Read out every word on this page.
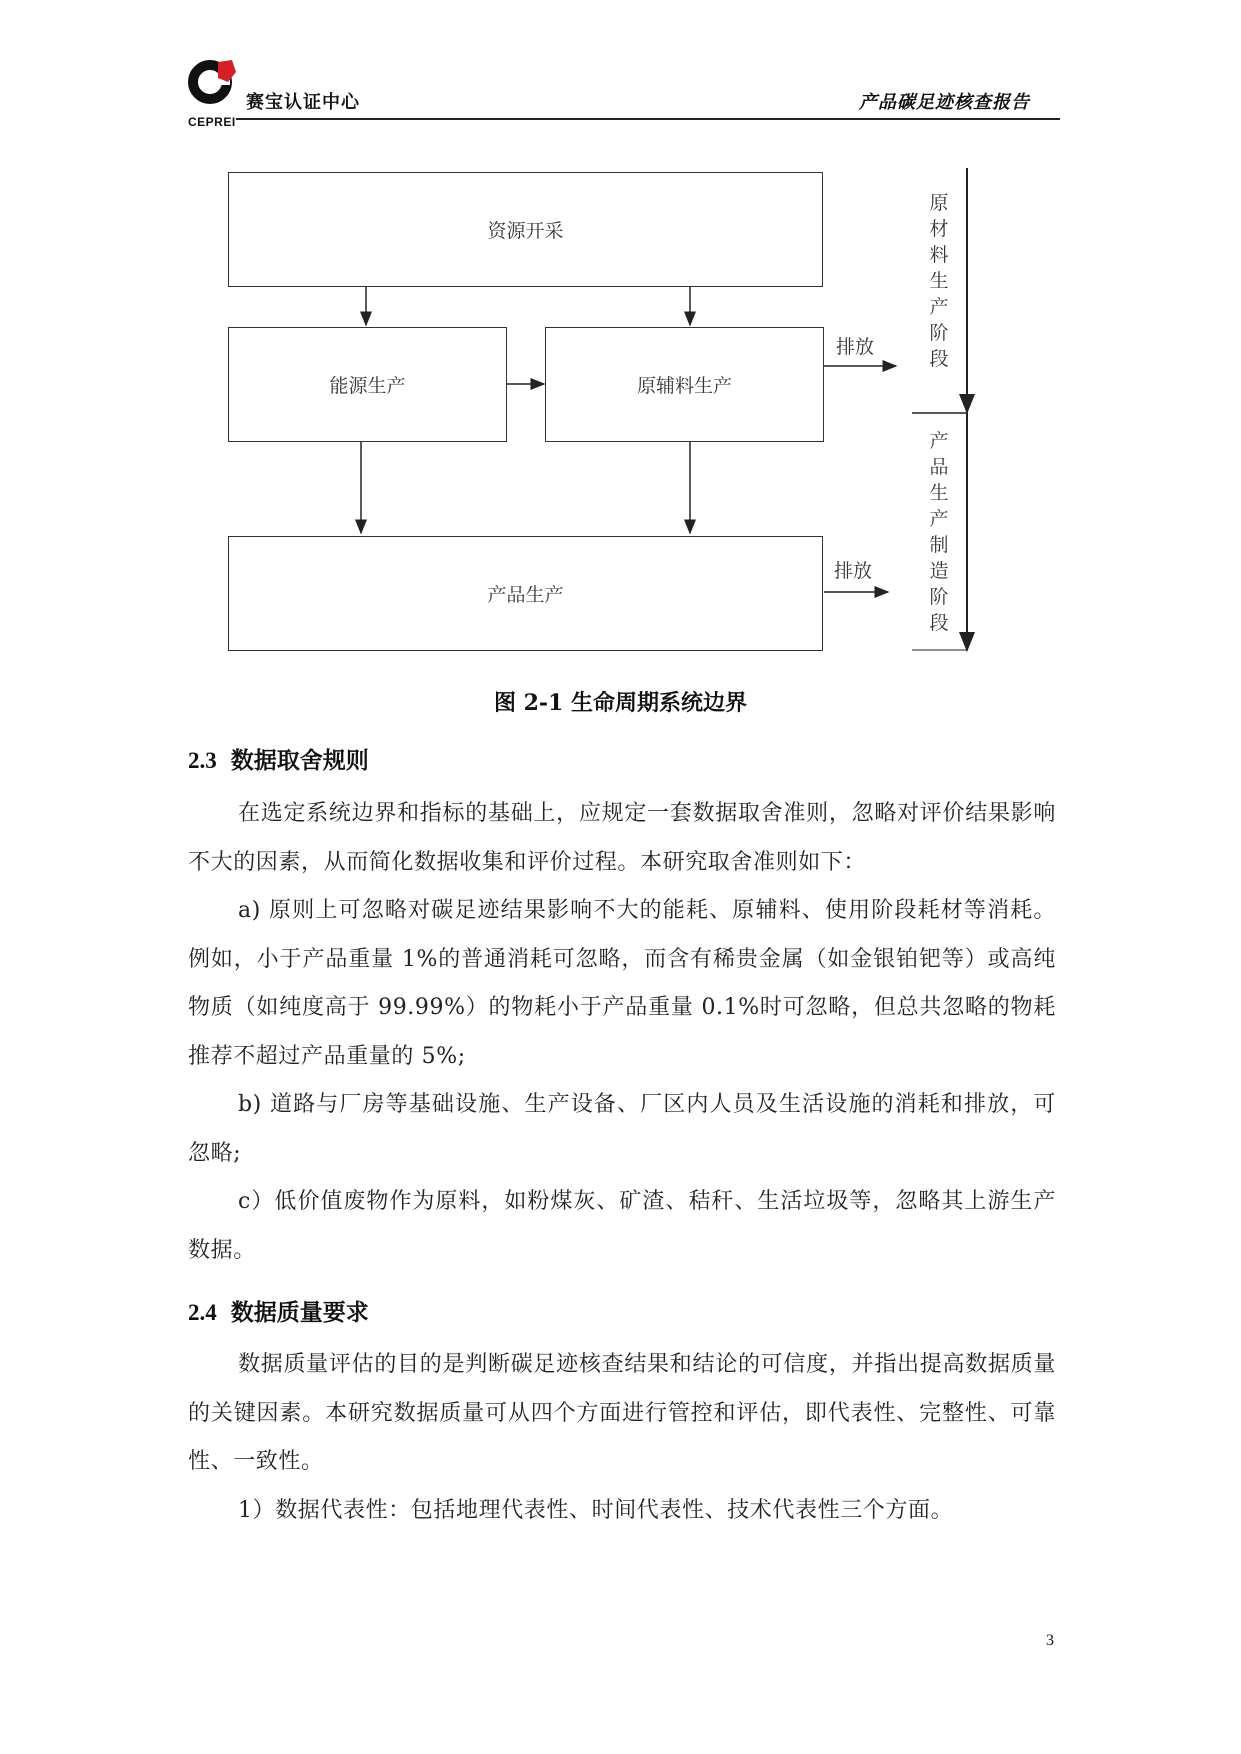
CEPREI
赛宝认证中心	产品碳足迹核查报告
资源开采
能源生产	原辅料生产
产品生产
排放
排放
原材料生产阶段
产品生产制造阶段
图 2-1 生命周期系统边界
2.3 数据取舍规则
在选定系统边界和指标的基础上，应规定一套数据取舍准则，忽略对评价结果影响不大的因素，从而简化数据收集和评价过程。本研究取舍准则如下：
a) 原则上可忽略对碳足迹结果影响不大的能耗、原辅料、使用阶段耗材等消耗。例如，小于产品重量 1%的普通消耗可忽略，而含有稀贵金属（如金银铂钯等）或高纯物质（如纯度高于 99.99%）的物耗小于产品重量 0.1%时可忽略，但总共忽略的物耗推荐不超过产品重量的 5%;
b) 道路与厂房等基础设施、生产设备、厂区内人员及生活设施的消耗和排放，可忽略;
c）低价值废物作为原料，如粉煤灰、矿渣、秸秆、生活垃圾等，忽略其上游生产数据。
2.4 数据质量要求
数据质量评估的目的是判断碳足迹核查结果和结论的可信度，并指出提高数据质量的关键因素。本研究数据质量可从四个方面进行管控和评估，即代表性、完整性、可靠性、一致性。
1）数据代表性：包括地理代表性、时间代表性、技术代表性三个方面。
3
